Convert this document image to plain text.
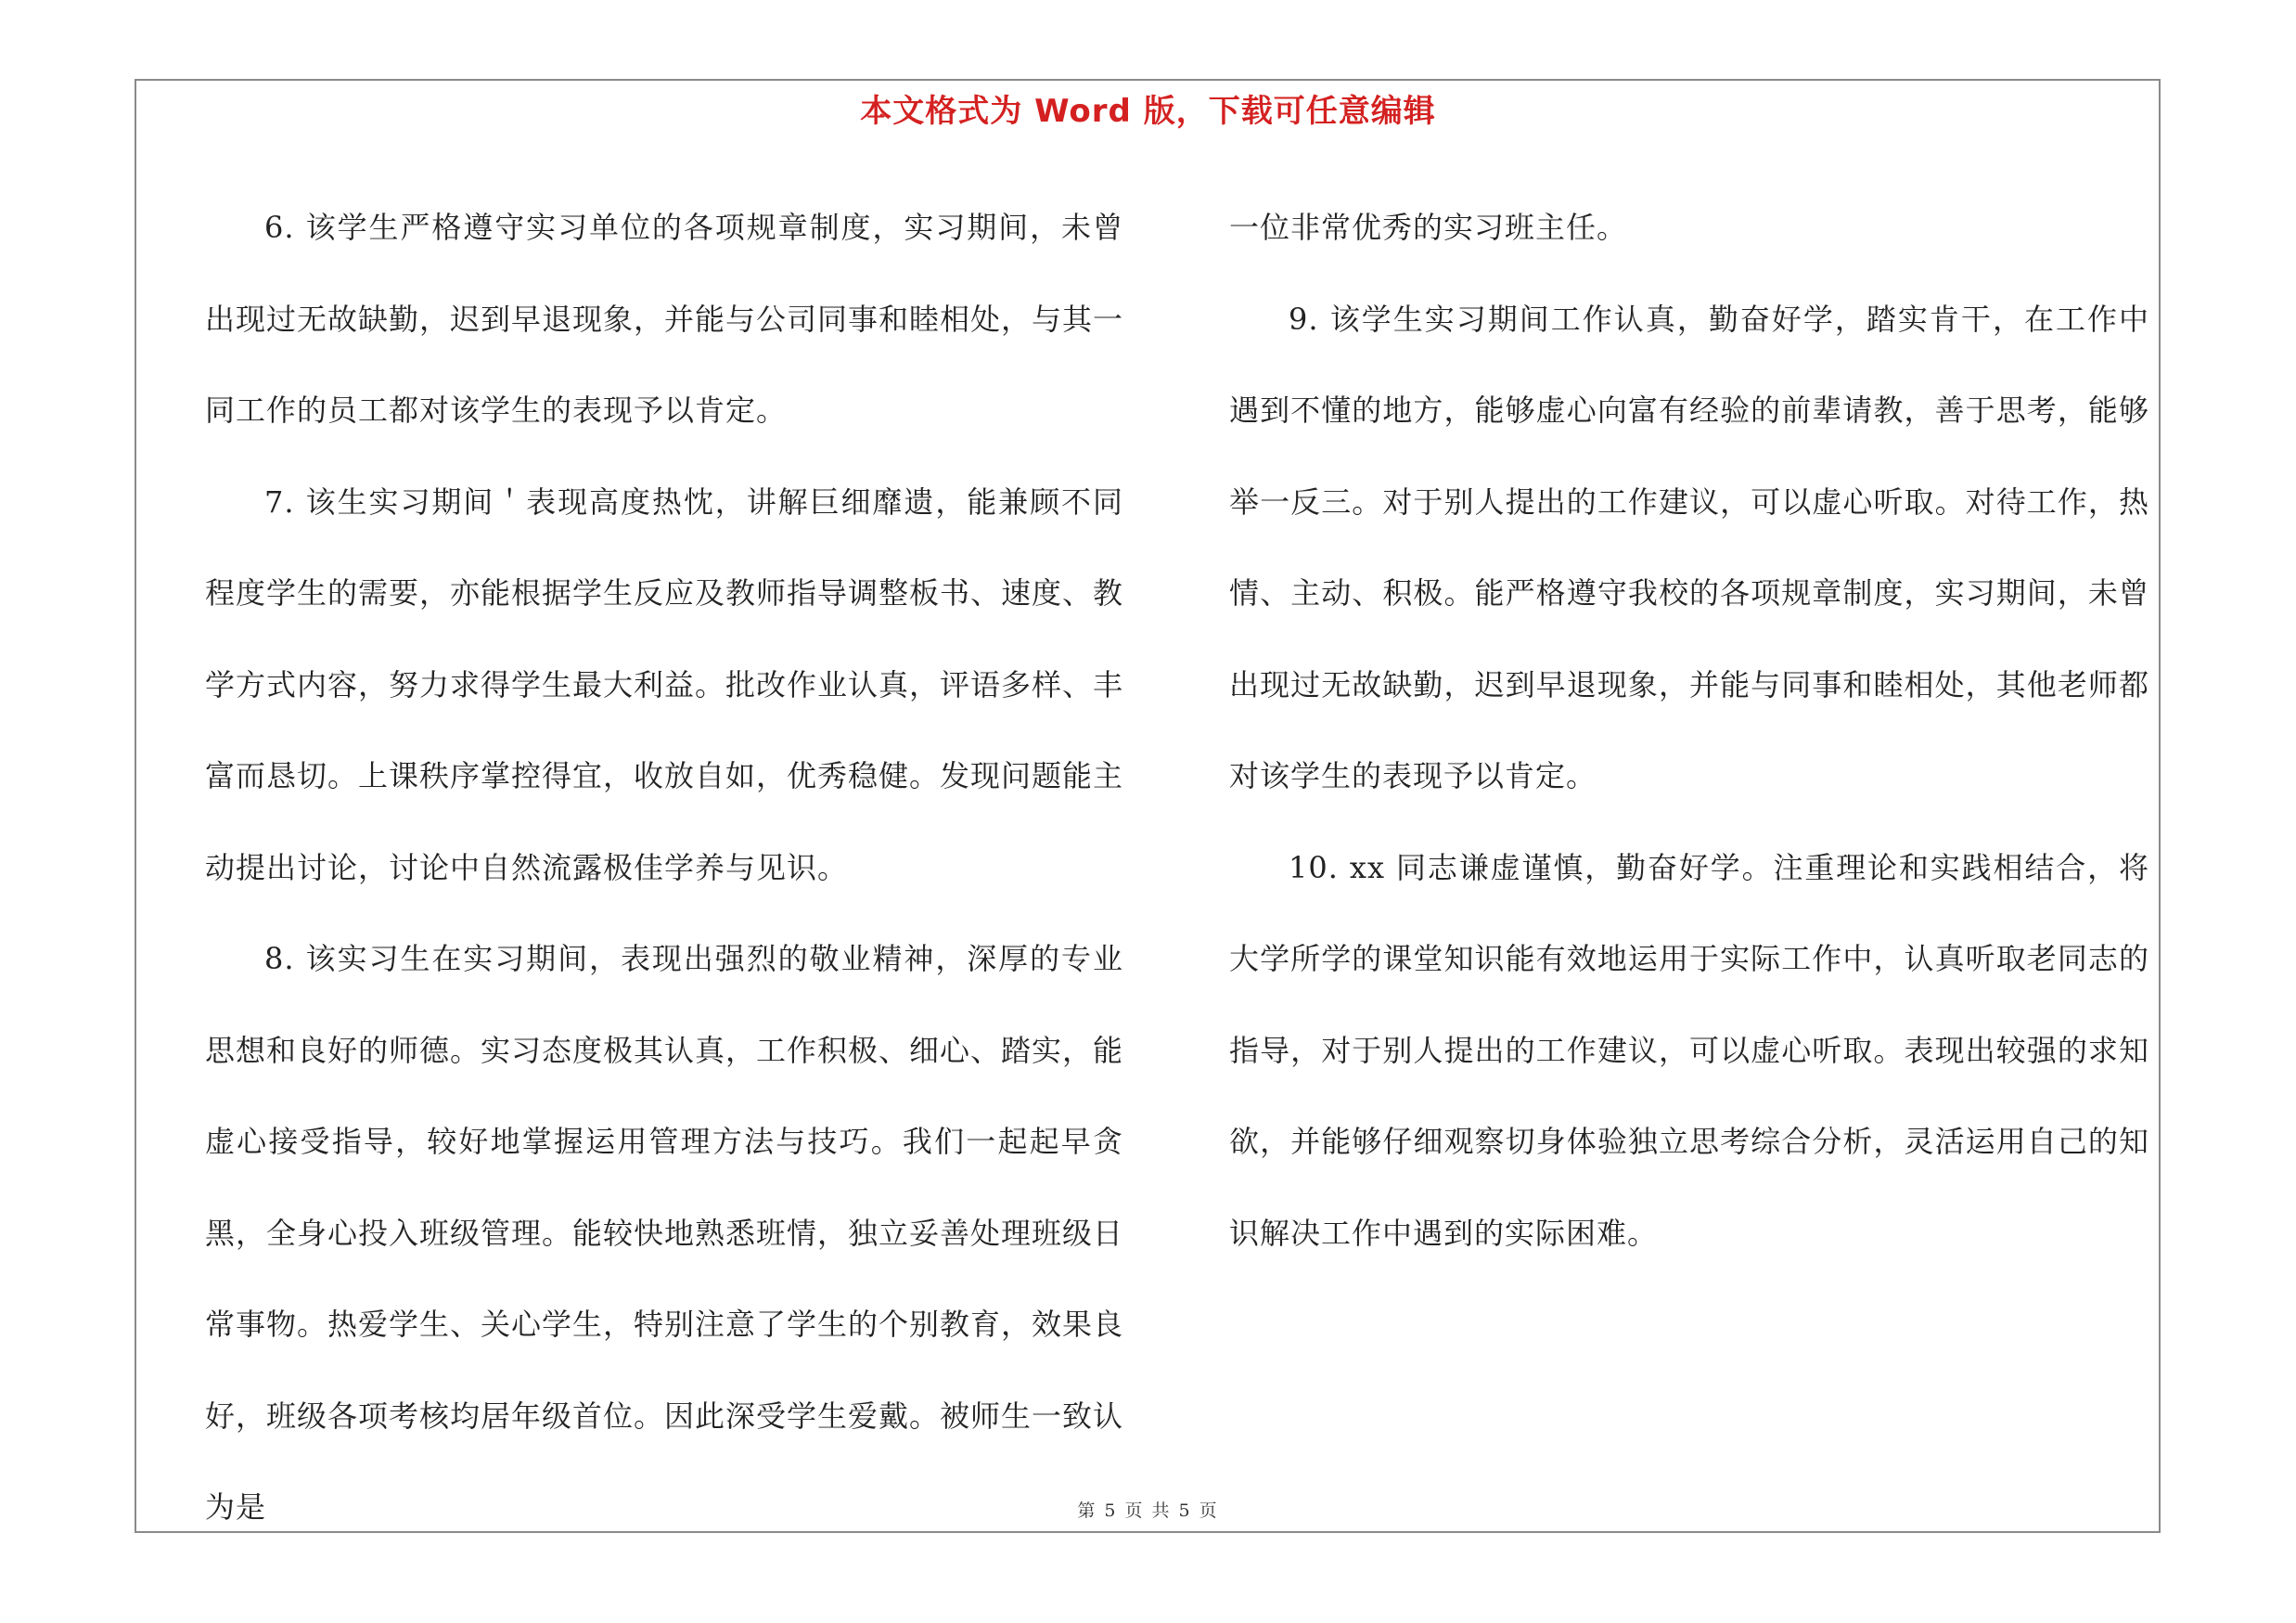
本文格式为 Word 版，下载可任意编辑

6. 该学生严格遵守实习单位的各项规章制度，实习期间，未曾出现过无故缺勤，迟到早退现象，并能与公司同事和睦相处，与其一同工作的员工都对该学生的表现予以肯定。

7. 该生实习期间＇表现高度热忱，讲解巨细靡遗，能兼顾不同程度学生的需要，亦能根据学生反应及教师指导调整板书、速度、教学方式内容，努力求得学生最大利益。批改作业认真，评语多样、丰富而恳切。上课秩序掌控得宜，收放自如，优秀稳健。发现问题能主动提出讨论，讨论中自然流露极佳学养与见识。

8. 该实习生在实习期间，表现出强烈的敬业精神，深厚的专业思想和良好的师德。实习态度极其认真，工作积极、细心、踏实，能虚心接受指导，较好地掌握运用管理方法与技巧。我们一起起早贪黑，全身心投入班级管理。能较快地熟悉班情，独立妥善处理班级日常事物。热爱学生、关心学生，特别注意了学生的个别教育，效果良好，班级各项考核均居年级首位。因此深受学生爱戴。被师生一致认为是

一位非常优秀的实习班主任。

9. 该学生实习期间工作认真，勤奋好学，踏实肯干，在工作中遇到不懂的地方，能够虚心向富有经验的前辈请教，善于思考，能够举一反三。对于别人提出的工作建议，可以虚心听取。对待工作，热情、主动、积极。能严格遵守我校的各项规章制度，实习期间，未曾出现过无故缺勤，迟到早退现象，并能与同事和睦相处，其他老师都对该学生的表现予以肯定。

10. xx 同志谦虚谨慎，勤奋好学。注重理论和实践相结合，将大学所学的课堂知识能有效地运用于实际工作中，认真听取老同志的指导，对于别人提出的工作建议，可以虚心听取。表现出较强的求知欲，并能够仔细观察切身体验独立思考综合分析，灵活运用自己的知识解决工作中遇到的实际困难。

第 5 页 共 5 页
